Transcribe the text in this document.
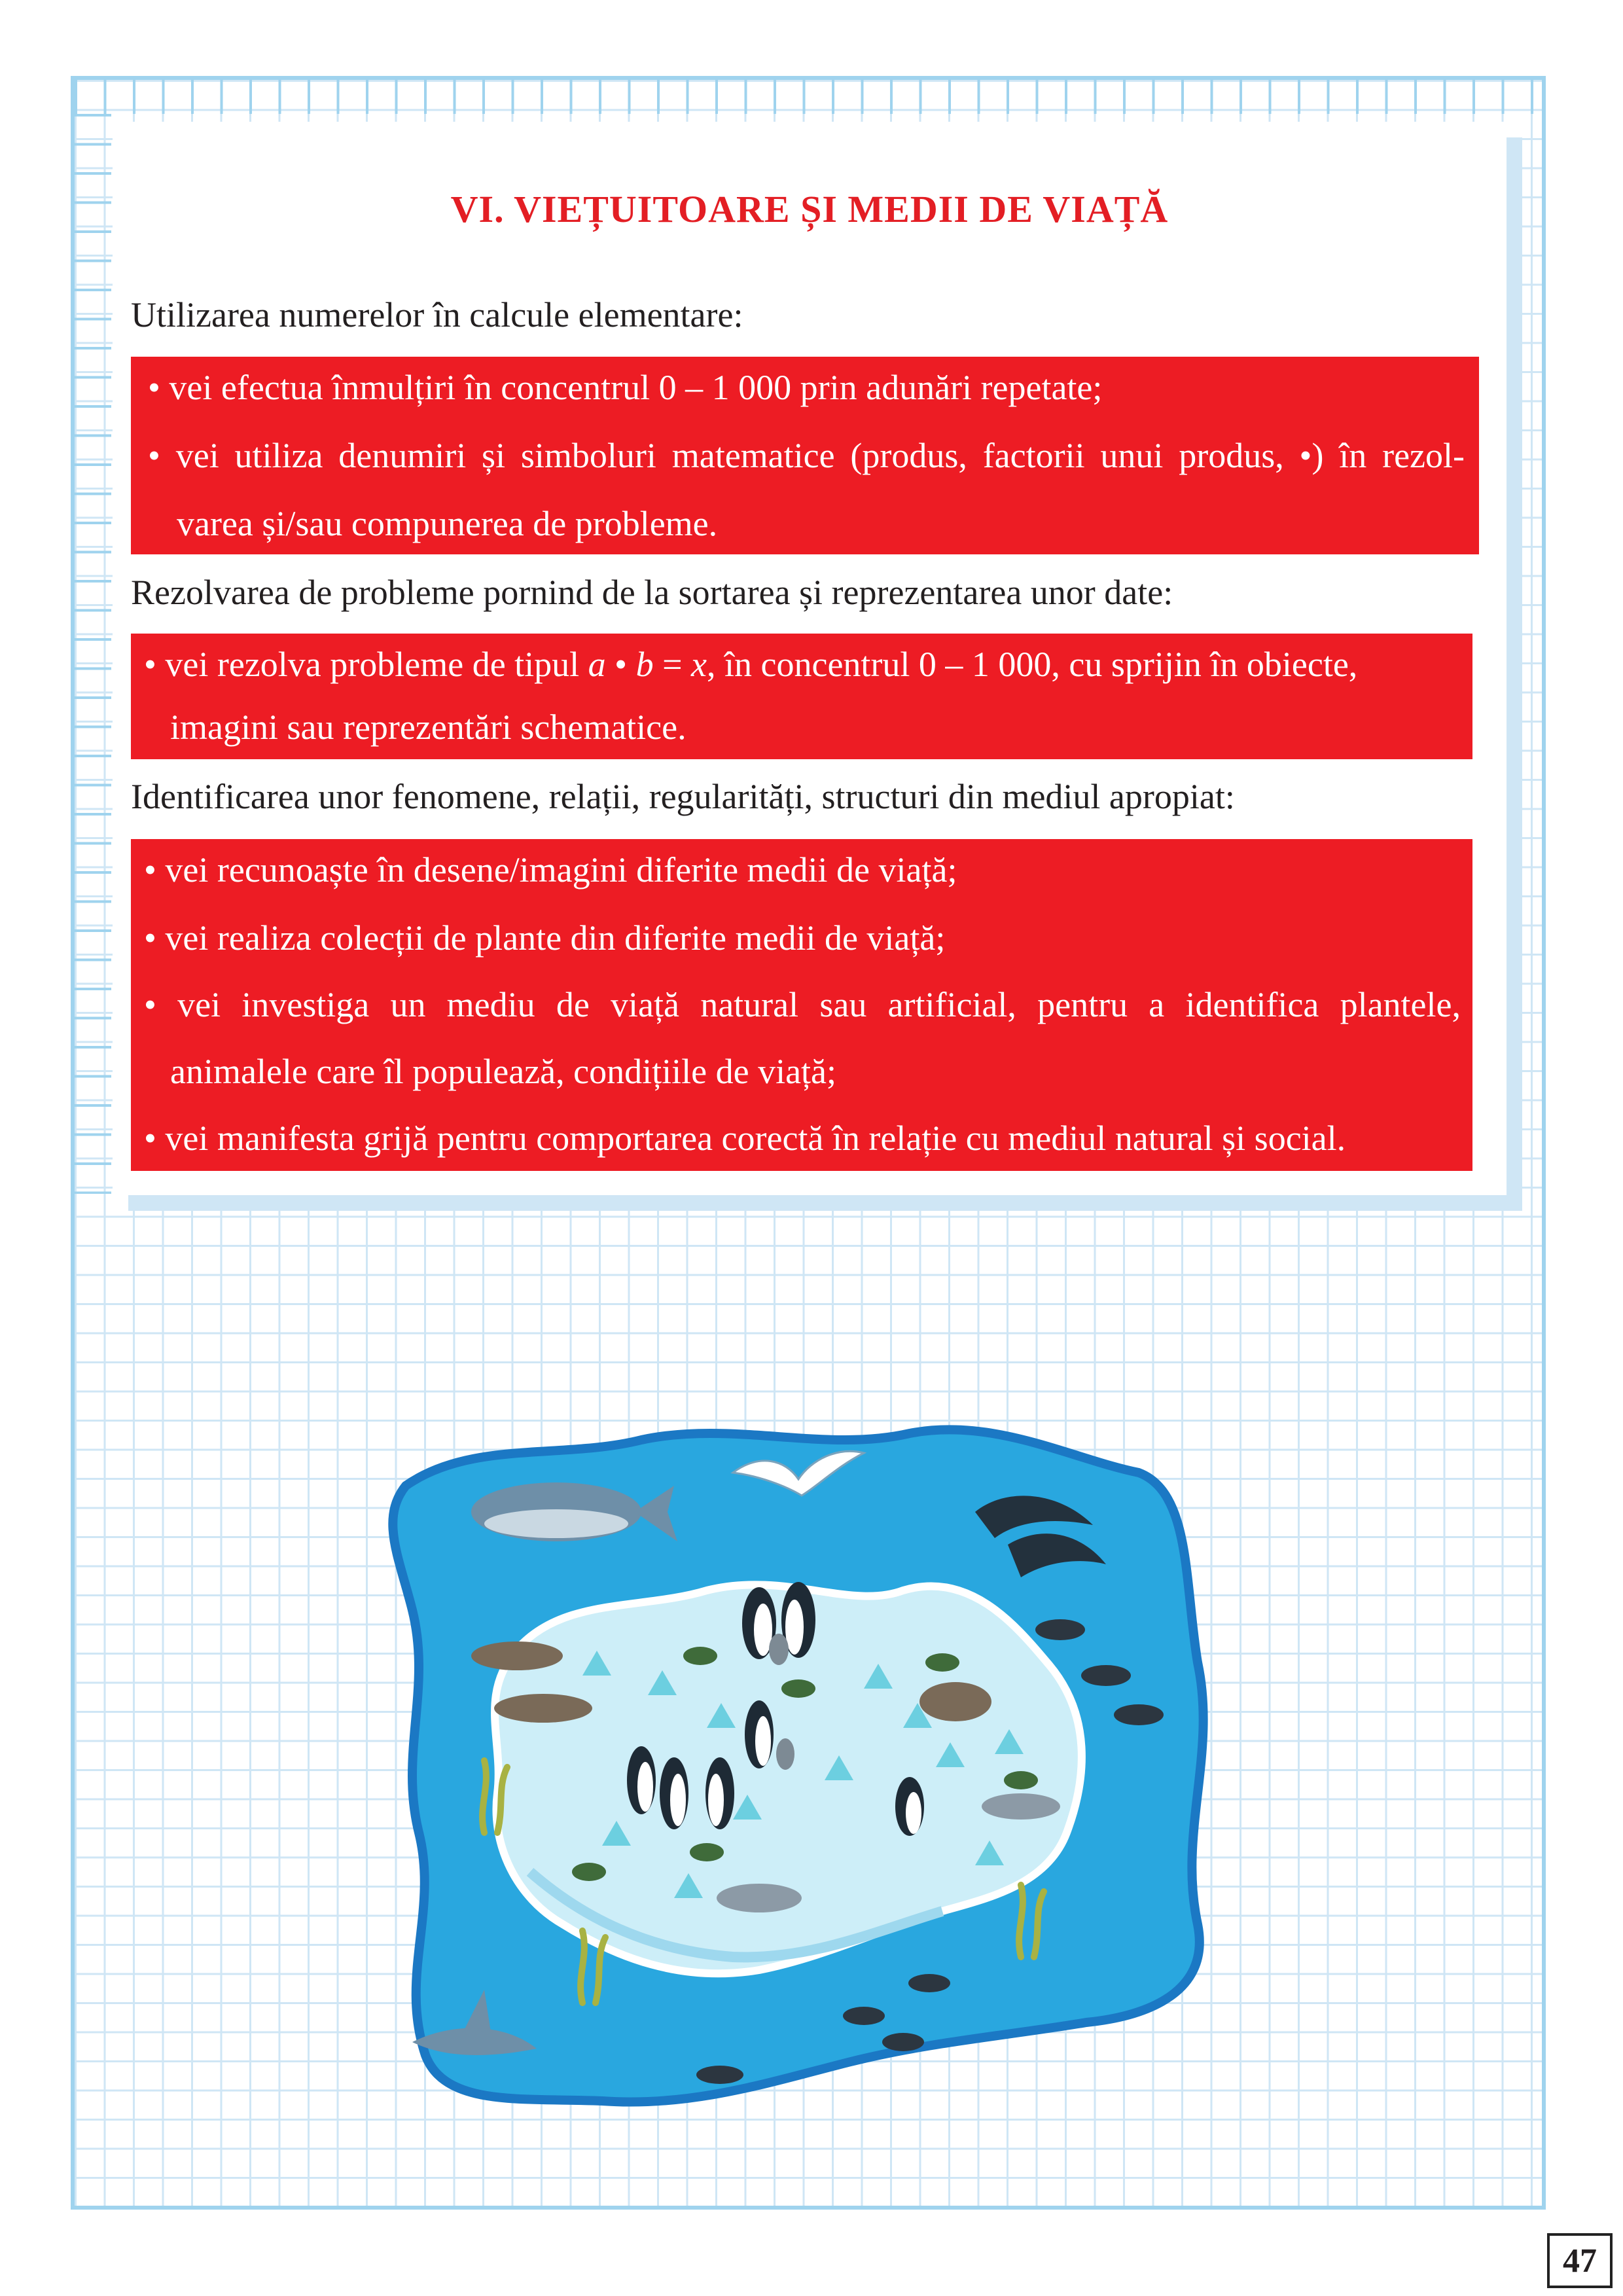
VI. VIEȚUITOARE ȘI MEDII DE VIAȚĂ
Utilizarea numerelor în calcule elementare:
• vei efectua înmulțiri în concentrul 0 – 1 000 prin adunări repetate;
• vei utiliza denumiri și simboluri matematice (produs, factorii unui produs, •) în rezol-
varea și/sau compunerea de probleme.
Rezolvarea de probleme pornind de la sortarea și reprezentarea unor date:
• vei rezolva probleme de tipul a • b = x, în concentrul 0 – 1 000, cu sprijin în obiecte,
imagini sau reprezentări schematice.
Identificarea unor fenomene, relații, regularități, structuri din mediul apropiat:
• vei recunoaște în desene/imagini diferite medii de viață;
• vei realiza colecții de plante din diferite medii de viață;
• vei investiga un mediu de viață natural sau artificial, pentru a identifica plantele,
animalele care îl populează, condițiile de viață;
• vei manifesta grijă pentru comportarea corectă în relație cu mediul natural și social.
47
